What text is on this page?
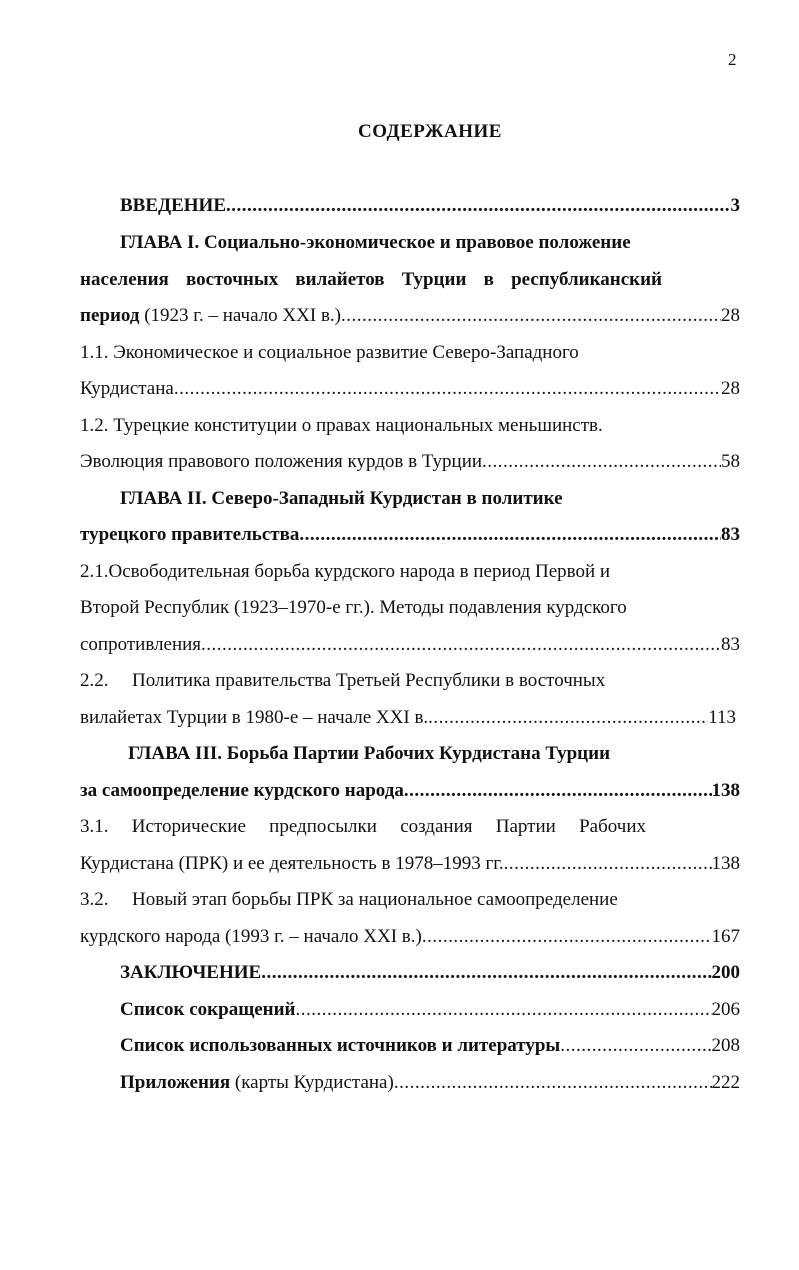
2
СОДЕРЖАНИЕ
ВВЕДЕНИЕ .....	3
ГЛАВА I. Социально-экономическое и правовое положение
населения восточных вилайетов Турции в республиканский
период (1923 г. – начало XXI в.) .....	28
1.1. Экономическое и социальное развитие Северо-Западного
Курдистана .....	28
1.2. Турецкие конституции о правах национальных меньшинств.
Эволюция правового положения курдов в Турции .....	58
ГЛАВА II. Северо-Западный Курдистан в политике
турецкого правительства .....	83
2.1.Освободительная борьба курдского народа в период Первой и
Второй Республик (1923–1970-е гг.). Методы подавления курдского
сопротивления .....	83
2.2. Политика правительства Третьей Республики в восточных
вилайетах Турции в 1980-е – начале XXI в. .....	113
ГЛАВА III. Борьба Партии Рабочих Курдистана Турции
за самоопределение курдского народа .....	138
3.1. Исторические предпосылки создания Партии Рабочих
Курдистана (ПРК) и ее деятельность в 1978–1993 гг. .....	138
3.2. Новый этап борьбы ПРК за национальное самоопределение
курдского народа (1993 г. – начало XXI в.) .....	167
ЗАКЛЮЧЕНИЕ .....	200
Список сокращений .....	206
Список использованных источников и литературы .....	208
Приложения (карты Курдистана) .....	222
